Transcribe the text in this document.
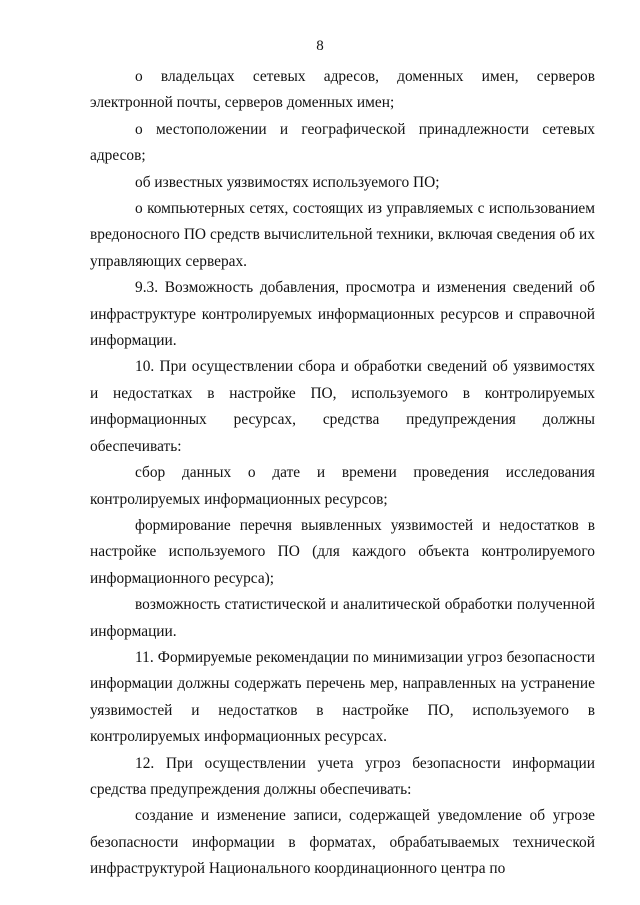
8

о владельцах сетевых адресов, доменных имен, серверов электронной почты, серверов доменных имен;

о местоположении и географической принадлежности сетевых адресов;

об известных уязвимостях используемого ПО;

о компьютерных сетях, состоящих из управляемых с использованием вредоносного ПО средств вычислительной техники, включая сведения об их управляющих серверах.

9.3. Возможность добавления, просмотра и изменения сведений об инфраструктуре контролируемых информационных ресурсов и справочной информации.

10. При осуществлении сбора и обработки сведений об уязвимостях и недостатках в настройке ПО, используемого в контролируемых информационных ресурсах, средства предупреждения должны обеспечивать:

сбор данных о дате и времени проведения исследования контролируемых информационных ресурсов;

формирование перечня выявленных уязвимостей и недостатков в настройке используемого ПО (для каждого объекта контролируемого информационного ресурса);

возможность статистической и аналитической обработки полученной информации.

11. Формируемые рекомендации по минимизации угроз безопасности информации должны содержать перечень мер, направленных на устранение уязвимостей и недостатков в настройке ПО, используемого в контролируемых информационных ресурсах.

12. При осуществлении учета угроз безопасности информации средства предупреждения должны обеспечивать:

создание и изменение записи, содержащей уведомление об угрозе безопасности информации в форматах, обрабатываемых технической инфраструктурой Национального координационного центра по
